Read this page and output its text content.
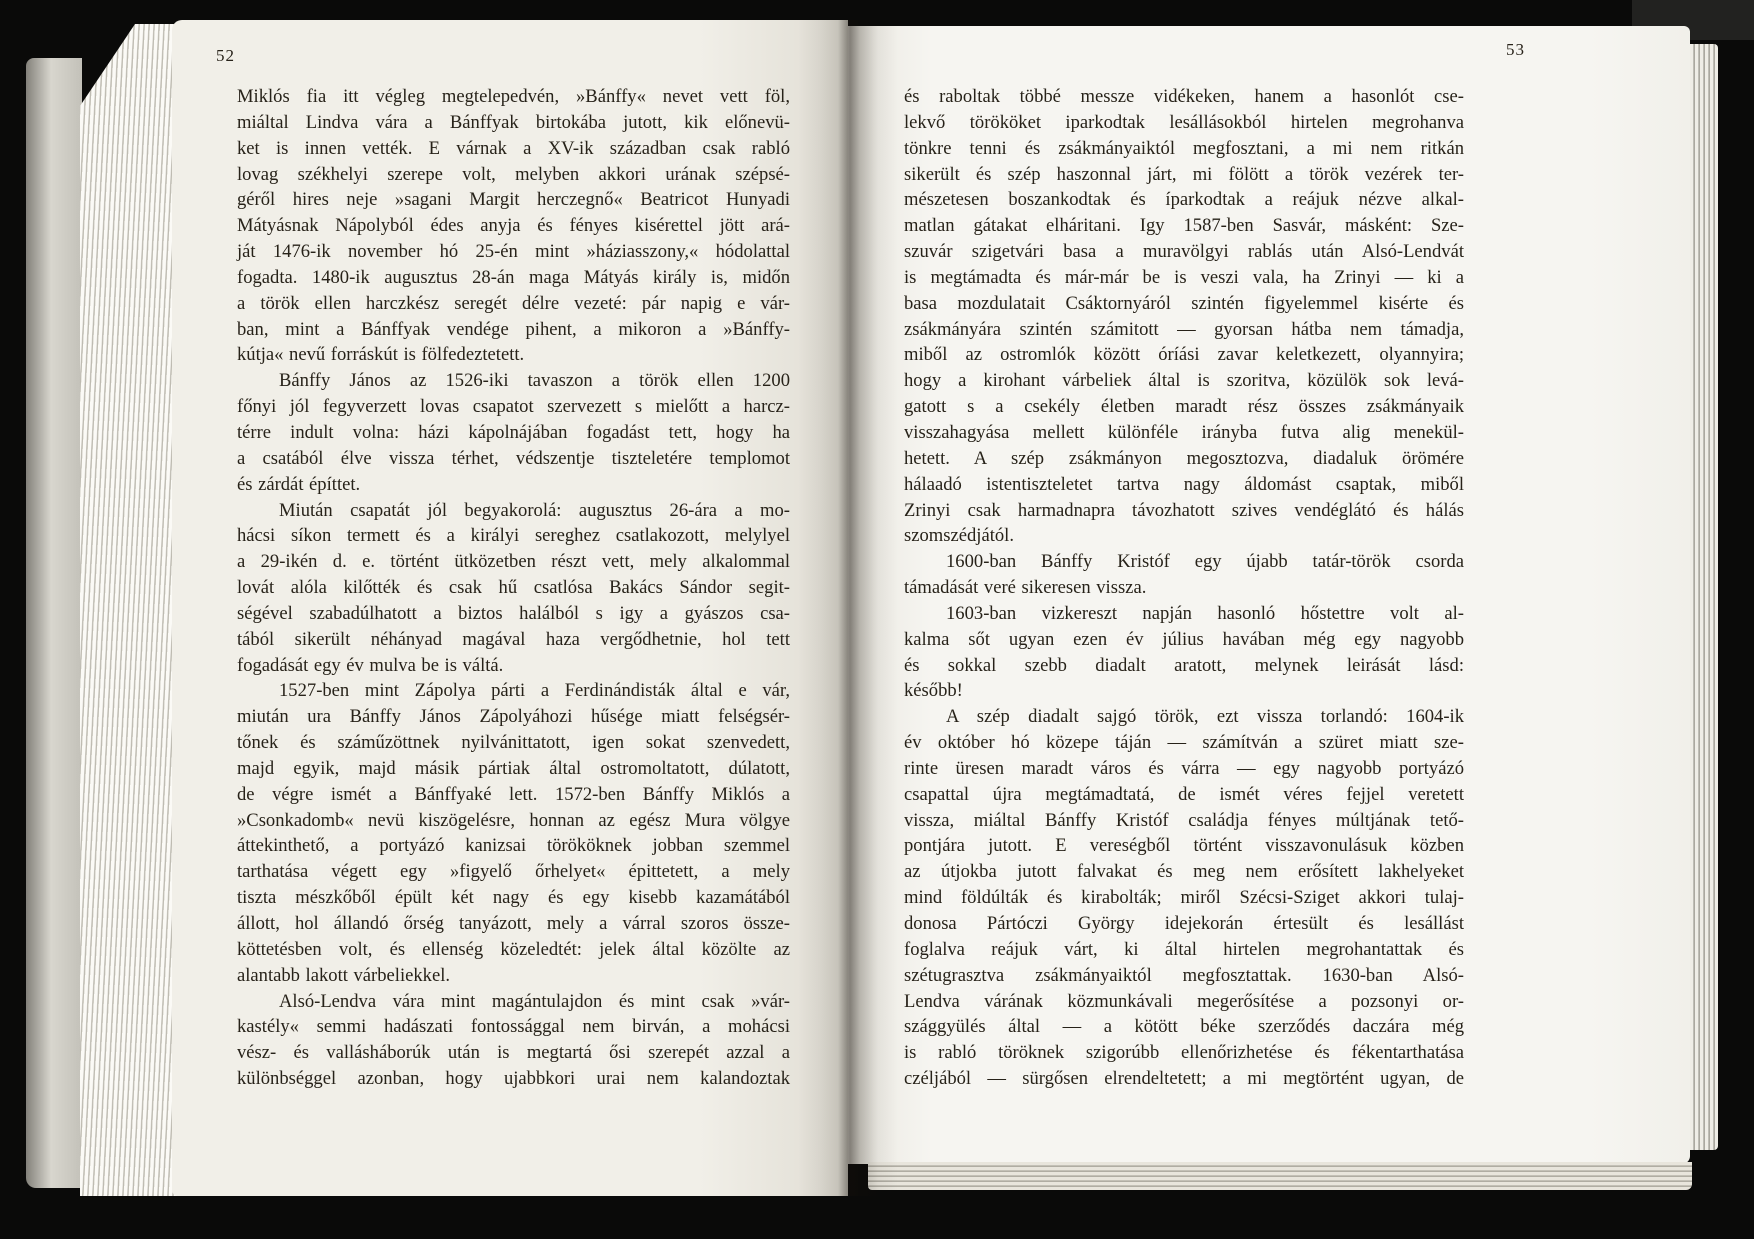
52	53
Miklós fia itt végleg megtelepedvén, »Bánffy« nevet vett föl,
miáltal Lindva vára a Bánffyak birtokába jutott, kik előnevü-
ket is innen vették. E várnak a XV-ik században csak rabló
lovag székhelyi szerepe volt, melyben akkori urának szépsé-
géről hires neje »sagani Margit herczegnő« Beatricot Hunyadi
Mátyásnak Nápolyból édes anyja és fényes kisérettel jött ará-
ját 1476-ik november hó 25-én mint »háziasszony,« hódolattal
fogadta. 1480-ik augusztus 28-án maga Mátyás király is, midőn
a török ellen harczkész seregét délre vezeté: pár napig e vár-
ban, mint a Bánffyak vendége pihent, a mikoron a »Bánffy-
kútja« nevű forráskút is fölfedeztetett.
Bánffy János az 1526-iki tavaszon a török ellen 1200
főnyi jól fegyverzett lovas csapatot szervezett s mielőtt a harcz-
térre indult volna: házi kápolnájában fogadást tett, hogy ha
a csatából élve vissza térhet, védszentje tiszteletére templomot
és zárdát építtet.
Miután csapatát jól begyakorolá: augusztus 26-ára a mo-
hácsi síkon termett és a királyi sereghez csatlakozott, melylyel
a 29-ikén d. e. történt ütközetben részt vett, mely alkalommal
lovát alóla kilőtték és csak hű csatlósa Bakács Sándor segit-
ségével szabadúlhatott a biztos halálból s igy a gyászos csa-
tából sikerült néhányad magával haza vergődhetnie, hol tett
fogadását egy év mulva be is váltá.
1527-ben mint Zápolya párti a Ferdinándisták által e vár,
miután ura Bánffy János Zápolyáhozi hűsége miatt felségsér-
tőnek és száműzöttnek nyilvánittatott, igen sokat szenvedett,
majd egyik, majd másik pártiak által ostromoltatott, dúlatott,
de végre ismét a Bánffyaké lett. 1572-ben Bánffy Miklós a
»Csonkadomb« nevü kiszögelésre, honnan az egész Mura völgye
áttekinthető, a portyázó kanizsai törököknek jobban szemmel
tarthatása végett egy »figyelő őrhelyet« épittetett, a mely
tiszta mészkőből épült két nagy és egy kisebb kazamátából
állott, hol állandó őrség tanyázott, mely a várral szoros össze-
köttetésben volt, és ellenség közeledtét: jelek által közölte az
alantabb lakott várbeliekkel.
Alsó-Lendva vára mint magántulajdon és mint csak »vár-
kastély« semmi hadászati fontossággal nem birván, a mohácsi
vész- és vallásháborúk után is megtartá ősi szerepét azzal a
különbséggel azonban, hogy ujabbkori urai nem kalandoztak
és raboltak többé messze vidékeken, hanem a hasonlót cse-
lekvő törököket iparkodtak lesállásokból hirtelen megrohanva
tönkre tenni és zsákmányaiktól megfosztani, a mi nem ritkán
sikerült és szép haszonnal járt, mi fölött a török vezérek ter-
mészetesen boszankodtak és íparkodtak a reájuk nézve alkal-
matlan gátakat elháritani. Igy 1587-ben Sasvár, másként: Sze-
szuvár szigetvári basa a muravölgyi rablás után Alsó-Lendvát
is megtámadta és már-már be is veszi vala, ha Zrinyi — ki a
basa mozdulatait Csáktornyáról szintén figyelemmel kisérte és
zsákmányára szintén számitott — gyorsan hátba nem támadja,
miből az ostromlók között óríási zavar keletkezett, olyannyira;
hogy a kirohant várbeliek által is szoritva, közülök sok levá-
gatott s a csekély életben maradt rész összes zsákmányaik
visszahagyása mellett különféle irányba futva alig menekül-
hetett. A szép zsákmányon megosztozva, diadaluk örömére
hálaadó istentiszteletet tartva nagy áldomást csaptak, miből
Zrinyi csak harmadnapra távozhatott szives vendéglátó és hálás
szomszédjától.
1600-ban Bánffy Kristóf egy újabb tatár-török csorda
támadását veré sikeresen vissza.
1603-ban vizkereszt napján hasonló hőstettre volt al-
kalma sőt ugyan ezen év július havában még egy nagyobb
és sokkal szebb diadalt aratott, melynek leirását lásd:
később!
A szép diadalt sajgó török, ezt vissza torlandó: 1604-ik
év október hó közepe táján — számítván a szüret miatt sze-
rinte üresen maradt város és várra — egy nagyobb portyázó
csapattal újra megtámadtatá, de ismét véres fejjel veretett
vissza, miáltal Bánffy Kristóf családja fényes múltjának tető-
pontjára jutott. E vereségből történt visszavonulásuk közben
az útjokba jutott falvakat és meg nem erősített lakhelyeket
mind földúlták és kirabolták; miről Szécsi-Sziget akkori tulaj-
donosa Pártóczi György idejekorán értesült és lesállást
foglalva reájuk várt, ki által hirtelen megrohantattak és
szétugrasztva zsákmányaiktól megfosztattak. 1630-ban Alsó-
Lendva várának közmunkávali megerősítése a pozsonyi or-
szággyülés által — a kötött béke szerződés daczára még
is rabló töröknek szigorúbb ellenőrizhetése és fékentarthatása
czéljából — sürgősen elrendeltetett; a mi megtörtént ugyan, de
